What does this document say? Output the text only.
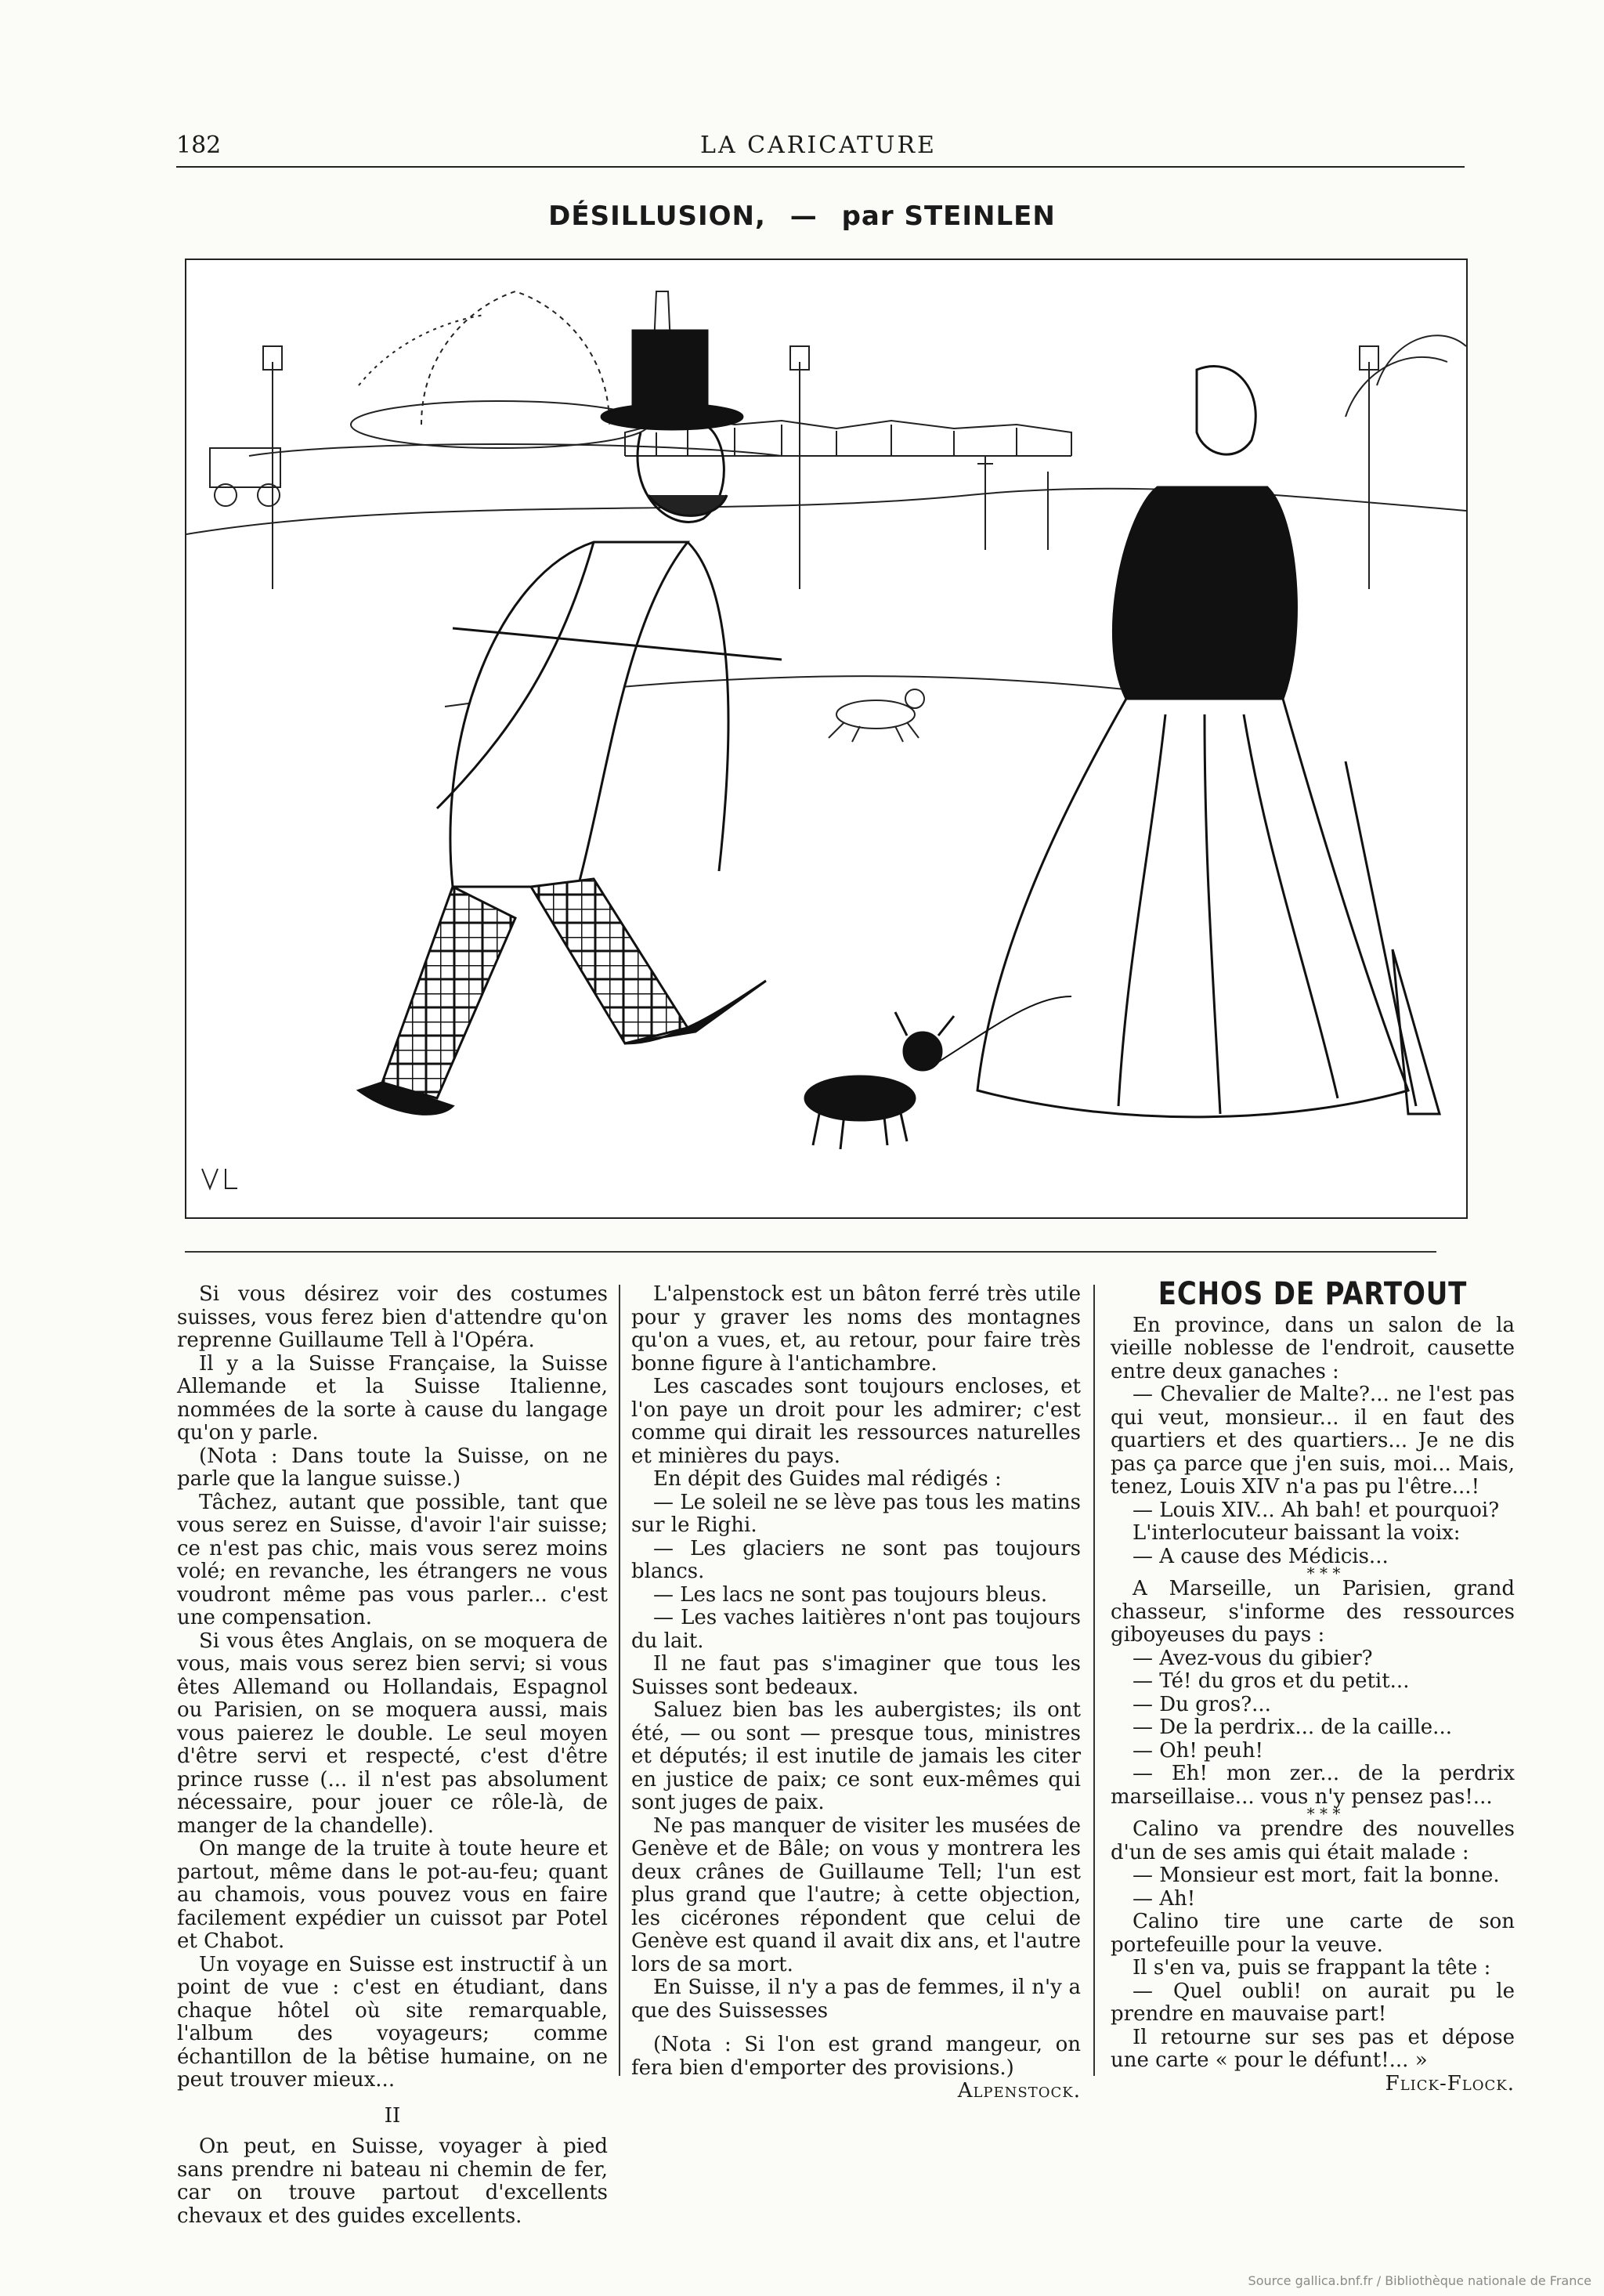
182	LA CARICATURE
DÉSILLUSION, — par STEINLEN

Si vous désirez voir des costumes suisses, vous ferez bien d'attendre qu'on reprenne Guillaume Tell à l'Opéra.

Il y a la Suisse Française, la Suisse Allemande et la Suisse Italienne, nommées de la sorte à cause du langage qu'on y parle.

(Nota : Dans toute la Suisse, on ne parle que la langue suisse.)

Tâchez, autant que possible, tant que vous serez en Suisse, d'avoir l'air suisse; ce n'est pas chic, mais vous serez moins volé; en revanche, les étrangers ne vous voudront même pas vous parler... c'est une compensation.

Si vous êtes Anglais, on se moquera de vous, mais vous serez bien servi; si vous êtes Allemand ou Hollandais, Espagnol ou Parisien, on se moquera aussi, mais vous paierez le double. Le seul moyen d'être servi et respecté, c'est d'être prince russe (... il n'est pas absolument nécessaire, pour jouer ce rôle-là, de manger de la chandelle).

On mange de la truite à toute heure et partout, même dans le pot-au-feu; quant au chamois, vous pouvez vous en faire facilement expédier un cuissot par Potel et Chabot.

Un voyage en Suisse est instructif à un point de vue : c'est en étudiant, dans chaque hôtel où site remarquable, l'album des voyageurs; comme échantillon de la bêtise humaine, on ne peut trouver mieux...

II

On peut, en Suisse, voyager à pied sans prendre ni bateau ni chemin de fer, car on trouve partout d'excellents chevaux et des guides excellents.

L'alpenstock est un bâton ferré très utile pour y graver les noms des montagnes qu'on a vues, et, au retour, pour faire très bonne figure à l'antichambre.

Les cascades sont toujours encloses, et l'on paye un droit pour les admirer; c'est comme qui dirait les ressources naturelles et minières du pays.

En dépit des Guides mal rédigés :

— Le soleil ne se lève pas tous les matins sur le Righi.

— Les glaciers ne sont pas toujours blancs.

— Les lacs ne sont pas toujours bleus.

— Les vaches laitières n'ont pas toujours du lait.

Il ne faut pas s'imaginer que tous les Suisses sont bedeaux.

Saluez bien bas les aubergistes; ils ont été, — ou sont — presque tous, ministres et députés; il est inutile de jamais les citer en justice de paix; ce sont eux-mêmes qui sont juges de paix.

Ne pas manquer de visiter les musées de Genève et de Bâle; on vous y montrera les deux crânes de Guillaume Tell; l'un est plus grand que l'autre; à cette objection, les cicérones répondent que celui de Genève est quand il avait dix ans, et l'autre lors de sa mort.

En Suisse, il n'y a pas de femmes, il n'y a que des Suissesses

(Nota : Si l'on est grand mangeur, on fera bien d'emporter des provisions.)

Alpenstock.

ECHOS DE PARTOUT

En province, dans un salon de la vieille noblesse de l'endroit, causette entre deux ganaches :

— Chevalier de Malte?... ne l'est pas qui veut, monsieur... il en faut des quartiers et des quartiers... Je ne dis pas ça parce que j'en suis, moi... Mais, tenez, Louis XIV n'a pas pu l'être...!

— Louis XIV... Ah bah! et pourquoi?

L'interlocuteur baissant la voix:

— A cause des Médicis...

* * *

A Marseille, un Parisien, grand chasseur, s'informe des ressources giboyeuses du pays :

— Avez-vous du gibier?

— Té! du gros et du petit...

— Du gros?...

— De la perdrix... de la caille...

— Oh! peuh!

— Eh! mon zer... de la perdrix marseillaise... vous n'y pensez pas!...

* * *

Calino va prendre des nouvelles d'un de ses amis qui était malade :

— Monsieur est mort, fait la bonne.

— Ah!

Calino tire une carte de son portefeuille pour la veuve.

Il s'en va, puis se frappant la tête :

— Quel oubli! on aurait pu le prendre en mauvaise part!

Il retourne sur ses pas et dépose une carte « pour le défunt!... »

Flick-Flock.

Source gallica.bnf.fr / Bibliothèque nationale de France
